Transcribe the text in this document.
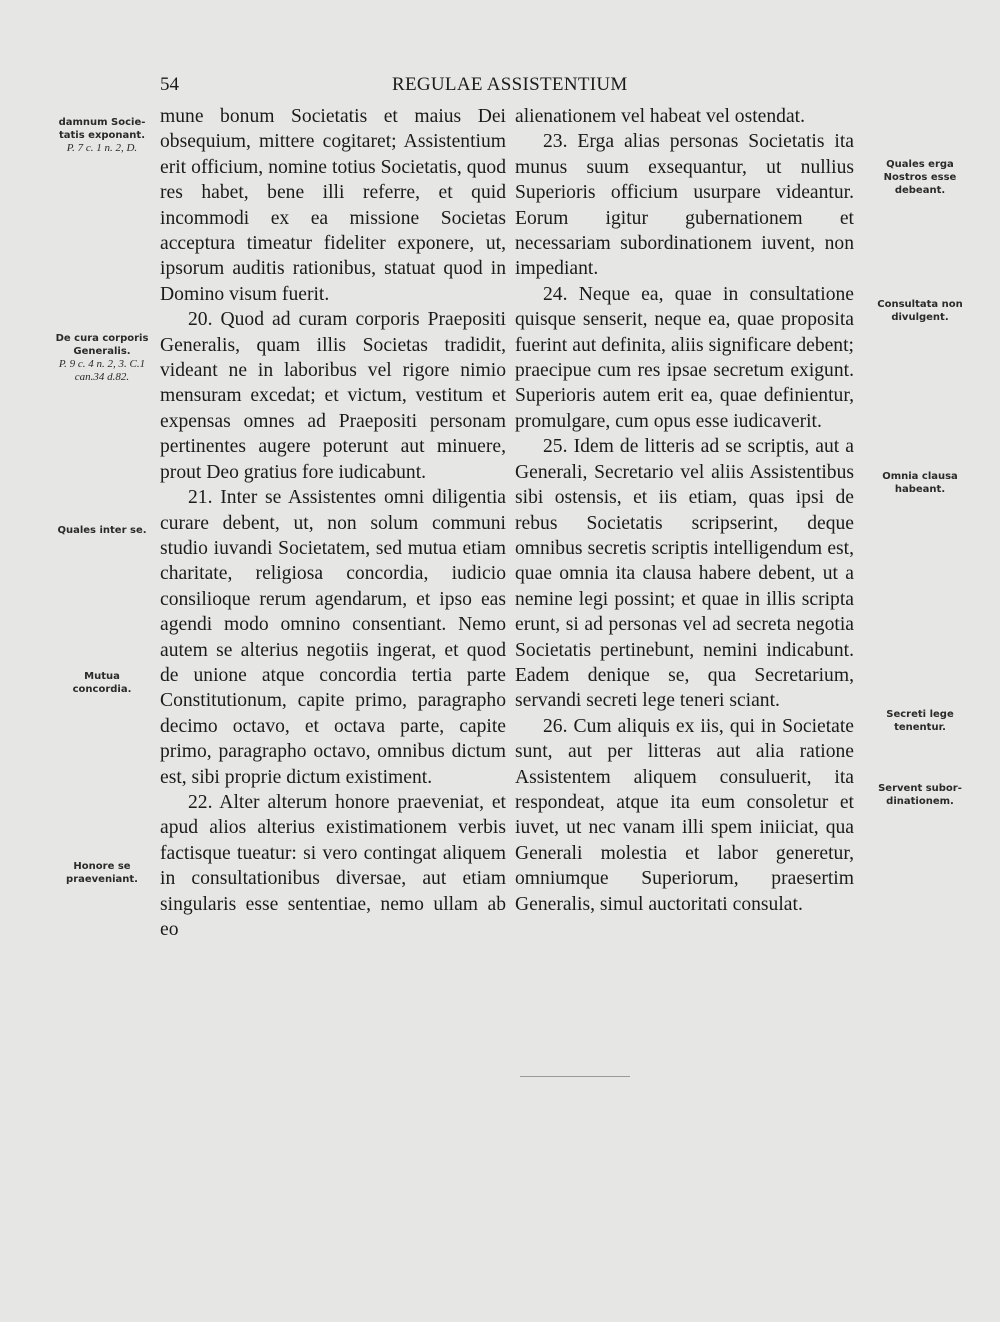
54	REGULAE ASSISTENTIUM
damnum Socie-tatis exponant.
P. 7 c. 1 n. 2, D.
De cura corporis Generalis.
P. 9 c. 4 n. 2, 3. C.1 can.34 d.82.
Quales inter se.
Mutua concordia.
Honore se praeveniant.
Quales erga Nostros esse debeant.
Consultata non divulgent.
Omnia clausa habeant.
Secreti lege tenentur.
Servent subor-dinationem.

mune bonum Societatis et maius Dei obsequium, mittere cogitaret; Assistentium erit officium, nomine totius Societatis, quod res habet, bene illi referre, et quid incommodi ex ea missione Societas acceptura timeatur fideliter exponere, ut, ipsorum auditis rationibus, statuat quod in Domino visum fuerit.

20. Quod ad curam corporis Praepositi Generalis, quam illis Societas tradidit, videant ne in laboribus vel rigore nimio mensuram excedat; et victum, vestitum et expensas omnes ad Praepositi personam pertinentes augere poterunt aut minuere, prout Deo gratius fore iudicabunt.

21. Inter se Assistentes omni diligentia curare debent, ut, non solum communi studio iuvandi Societatem, sed mutua etiam charitate, religiosa concordia, iudicio consilioque rerum agendarum, et ipso eas agendi modo omnino consentiant. Nemo autem se alterius negotiis ingerat, et quod de unione atque concordia tertia parte Constitutionum, capite primo, paragrapho decimo octavo, et octava parte, capite primo, paragrapho octavo, omnibus dictum est, sibi proprie dictum existiment.

22. Alter alterum honore praeveniat, et apud alios alterius existimationem verbis factisque tueatur: si vero contingat aliquem in consultationibus diversae, aut etiam singularis esse sententiae, nemo ullam ab eo

alienationem vel habeat vel ostendat.

23. Erga alias personas Societatis ita munus suum exsequantur, ut nullius Superioris officium usurpare videantur. Eorum igitur gubernationem et necessariam subordinationem iuvent, non impediant.

24. Neque ea, quae in consultatione quisque senserit, neque ea, quae proposita fuerint aut definita, aliis significare debent; praecipue cum res ipsae secretum exigunt. Superioris autem erit ea, quae definientur, promulgare, cum opus esse iudicaverit.

25. Idem de litteris ad se scriptis, aut a Generali, Secretario vel aliis Assistentibus sibi ostensis, et iis etiam, quas ipsi de rebus Societatis scripserint, deque omnibus secretis scriptis intelligendum est, quae omnia ita clausa habere debent, ut a nemine legi possint; et quae in illis scripta erunt, si ad personas vel ad secreta negotia Societatis pertinebunt, nemini indicabunt. Eadem denique se, qua Secretarium, servandi secreti lege teneri sciant.

26. Cum aliquis ex iis, qui in Societate sunt, aut per litteras aut alia ratione Assistentem aliquem consuluerit, ita respondeat, atque ita eum consoletur et iuvet, ut nec vanam illi spem iniiciat, qua Generali molestia et labor generetur, omniumque Superiorum, praesertim Generalis, simul auctoritati consulat.
